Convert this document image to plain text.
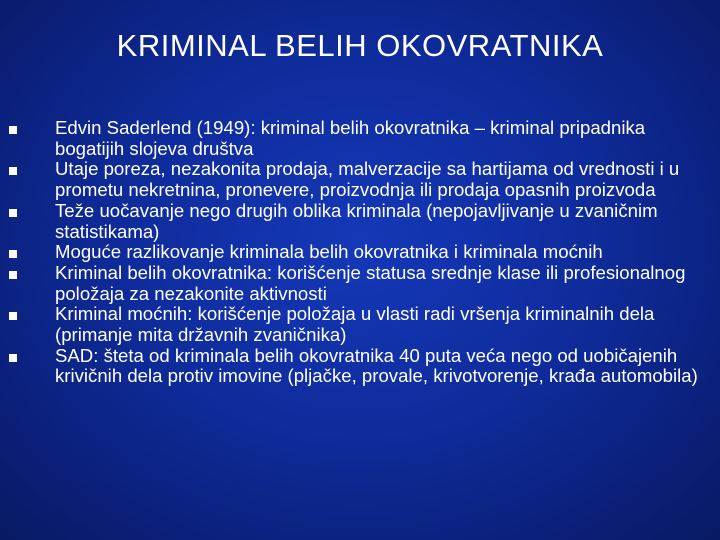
KRIMINAL BELIH OKOVRATNIKA
Edvin Saderlend (1949): kriminal belih okovratnika – kriminal pripadnika bogatijih slojeva društva
Utaje poreza, nezakonita prodaja, malverzacije sa hartijama od vrednosti i u prometu nekretnina, pronevere, proizvodnja ili prodaja opasnih proizvoda
Teže uočavanje nego drugih oblika kriminala (nepojavljivanje u zvaničnim statistikama)
Moguće razlikovanje kriminala belih okovratnika i kriminala moćnih
Kriminal belih okovratnika: korišćenje statusa srednje klase ili profesionalnog položaja za nezakonite aktivnosti
Kriminal moćnih: korišćenje položaja u vlasti radi vršenja kriminalnih dela (primanje mita državnih zvaničnika)
SAD: šteta od kriminala belih okovratnika 40 puta veća nego od uobičajenih krivičnih dela protiv imovine (pljačke, provale, krivotvorenje, krađa automobila)
